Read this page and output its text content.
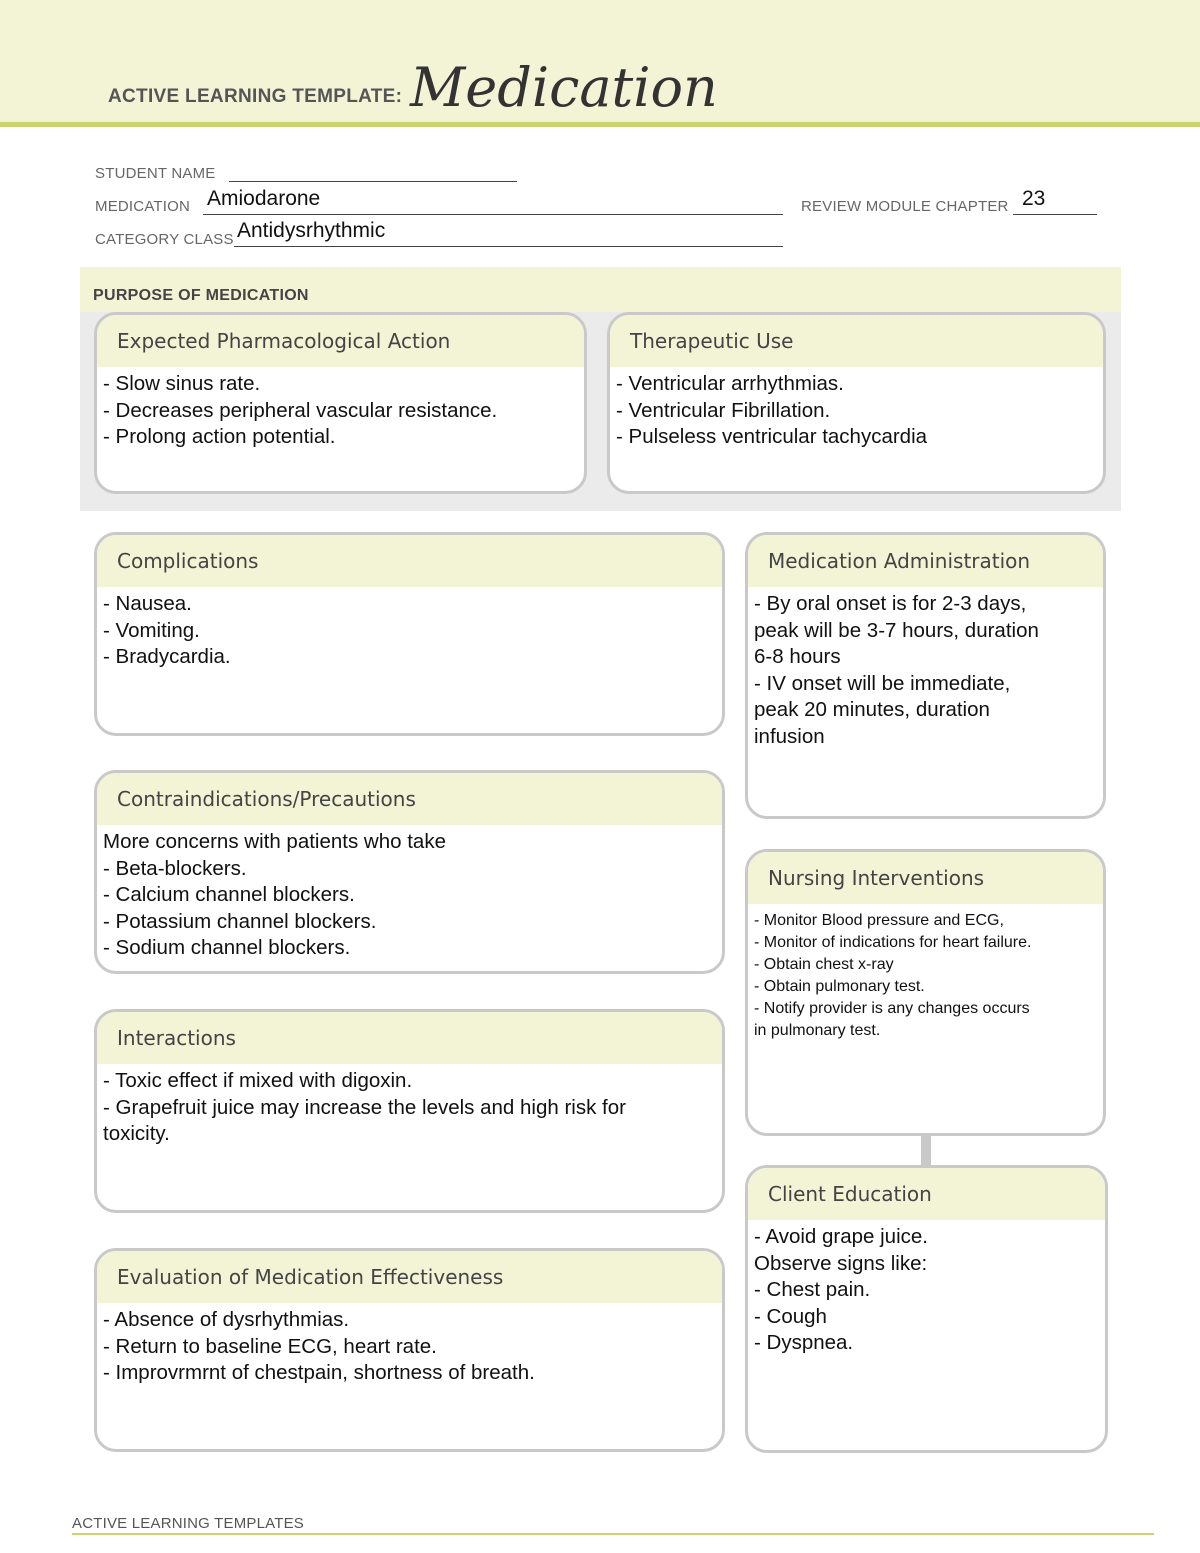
ACTIVE LEARNING TEMPLATE: Medication
STUDENT NAME
MEDICATION Amiodarone	REVIEW MODULE CHAPTER 23
CATEGORY CLASS Antidysrhythmic
PURPOSE OF MEDICATION
Expected Pharmacological Action
- Slow sinus rate.
- Decreases peripheral vascular resistance.
- Prolong action potential.
Therapeutic Use
- Ventricular arrhythmias.
- Ventricular Fibrillation.
- Pulseless ventricular tachycardia
Complications
- Nausea.
- Vomiting.
- Bradycardia.
Contraindications/Precautions
More concerns with patients who take
- Beta-blockers.
- Calcium channel blockers.
- Potassium channel blockers.
- Sodium channel blockers.
Interactions
- Toxic effect if mixed with digoxin.
- Grapefruit juice may increase the levels and high risk for
toxicity.
Evaluation of Medication Effectiveness
- Absence of dysrhythmias.
- Return to baseline ECG, heart rate.
- Improvrmrnt of chestpain, shortness of breath.
Medication Administration
- By oral onset is for 2-3 days,
peak will be 3-7 hours, duration
6-8 hours
- IV onset will be immediate,
peak 20 minutes, duration
infusion
Nursing Interventions
- Monitor Blood pressure and ECG,
- Monitor of indications for heart failure.
- Obtain chest x-ray
- Obtain pulmonary test.
- Notify provider is any changes occurs
in pulmonary test.
Client Education
- Avoid grape juice.
Observe signs like:
- Chest pain.
- Cough
- Dyspnea.
ACTIVE LEARNING TEMPLATES
